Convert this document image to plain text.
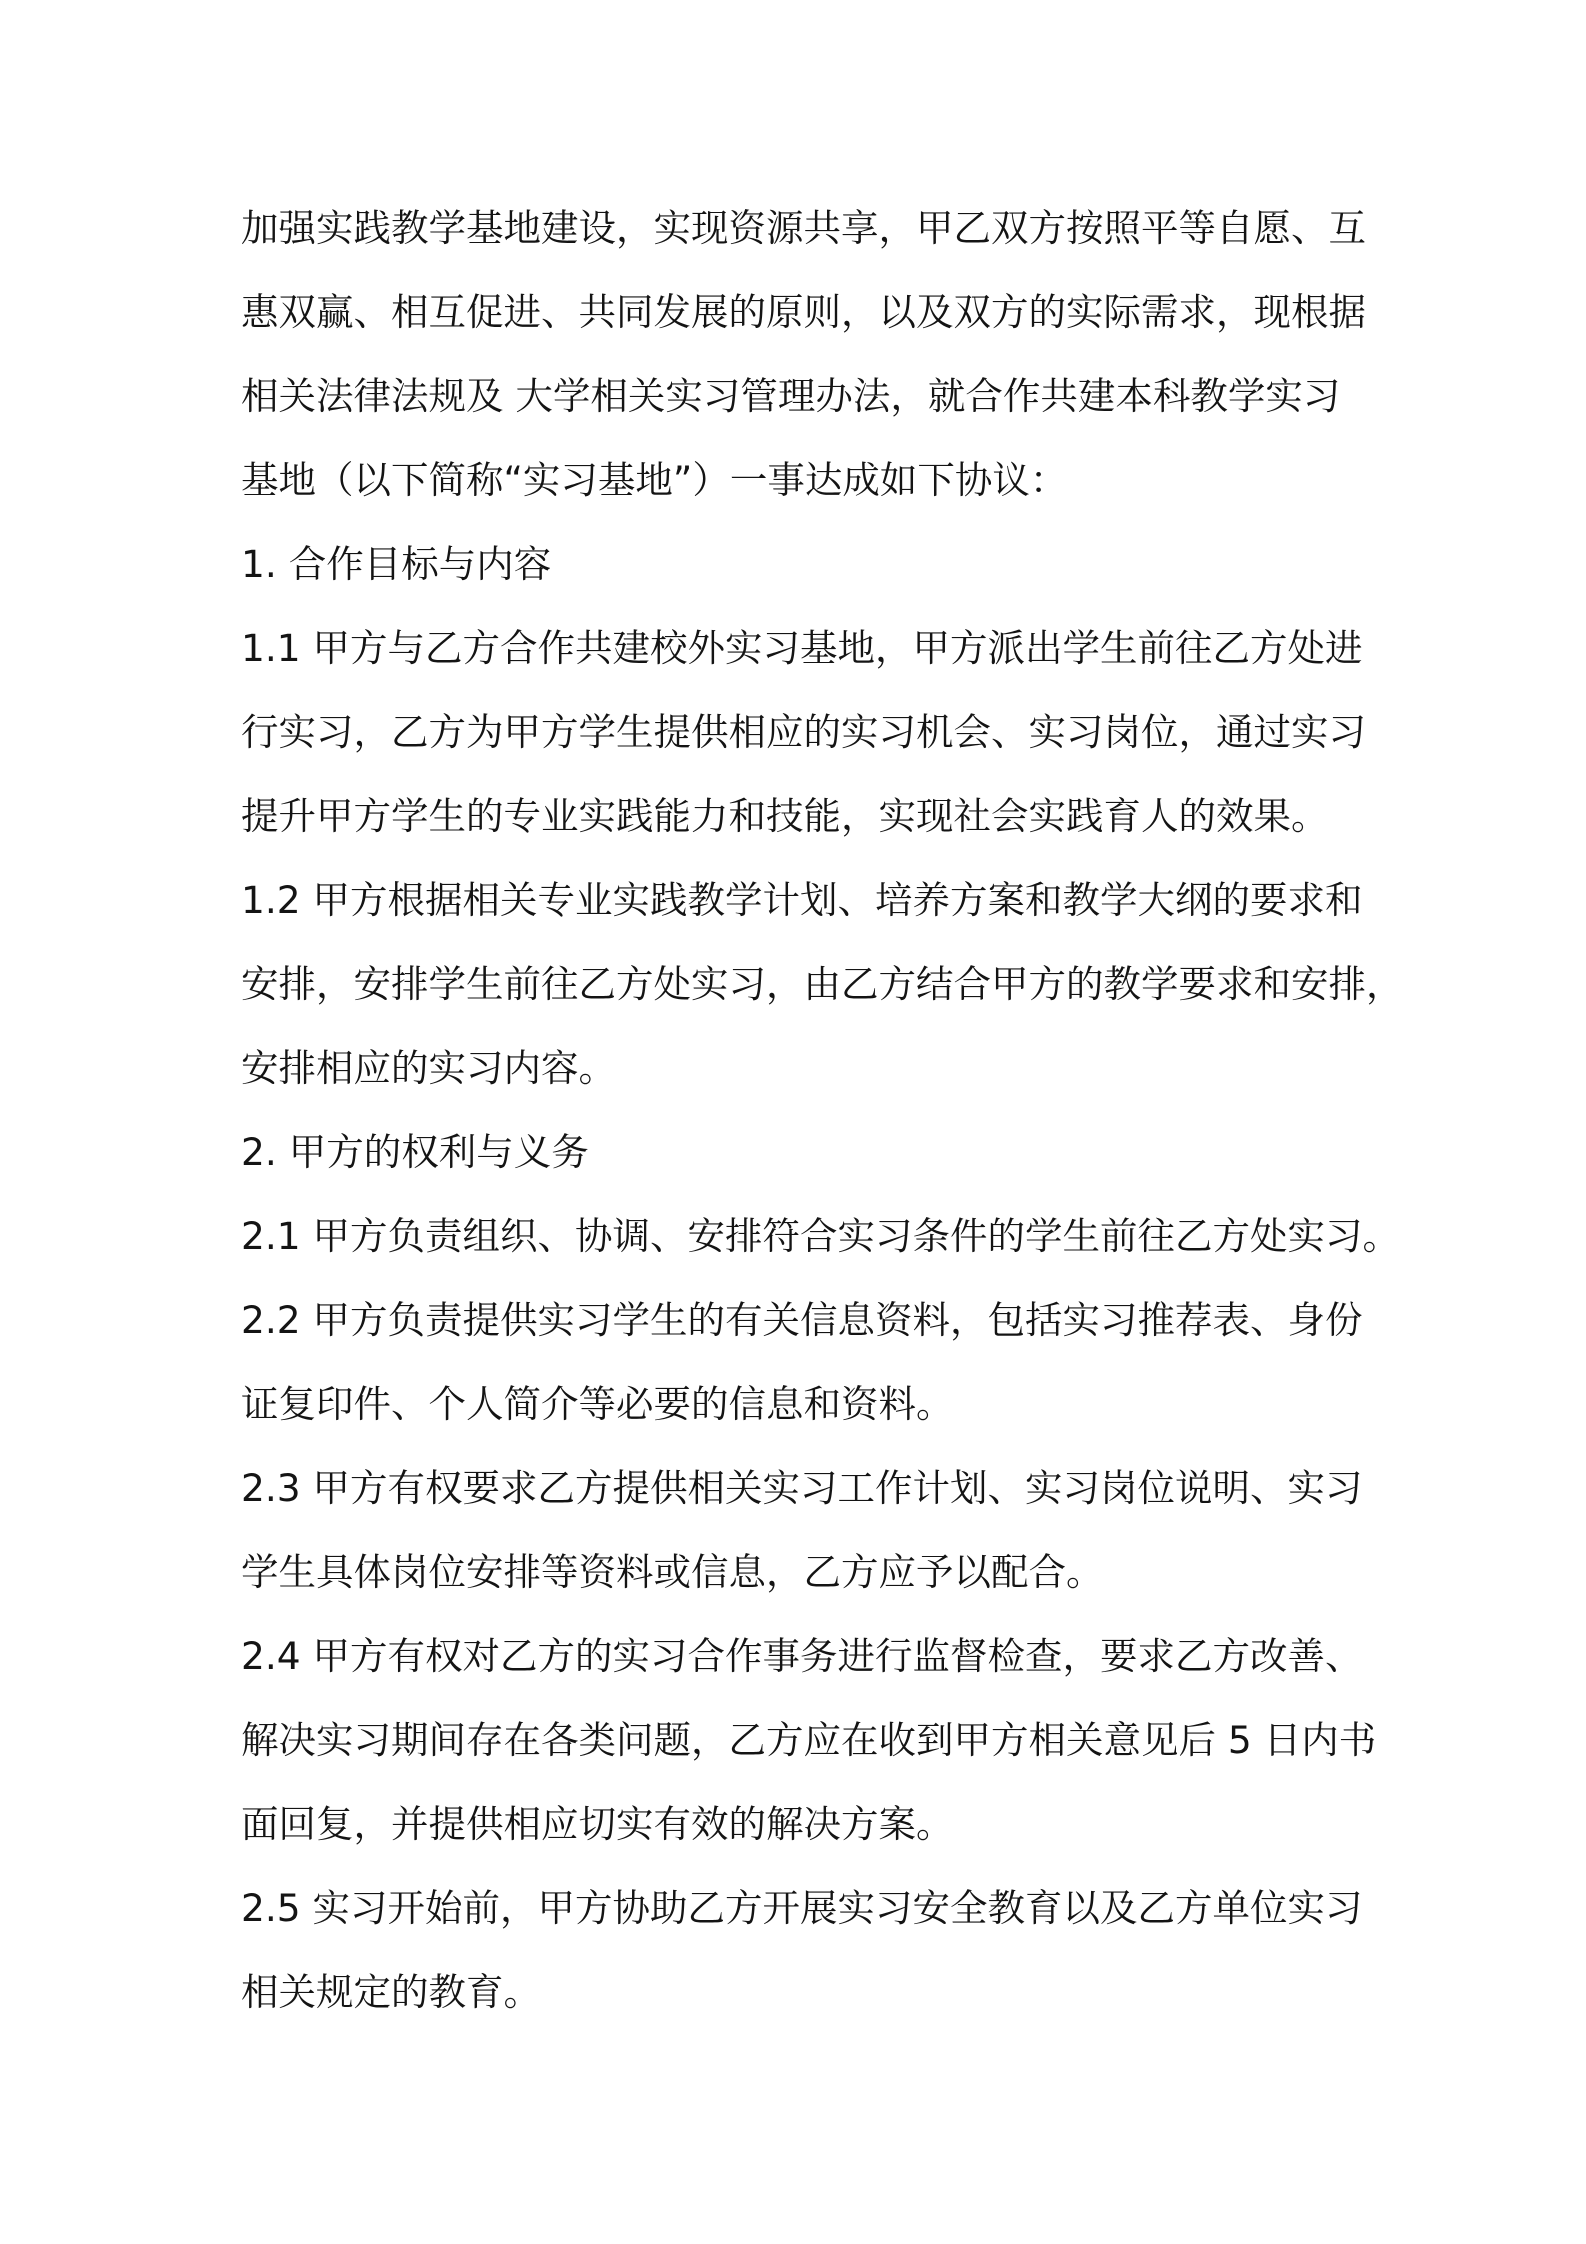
加强实践教学基地建设，实现资源共享，甲乙双方按照平等自愿、互
惠双赢、相互促进、共同发展的原则，以及双方的实际需求，现根据
相关法律法规及 大学相关实习管理办法，就合作共建本科教学实习
基地（以下简称“实习基地”）一事达成如下协议：
1. 合作目标与内容
1.1 甲方与乙方合作共建校外实习基地，甲方派出学生前往乙方处进
行实习，乙方为甲方学生提供相应的实习机会、实习岗位，通过实习
提升甲方学生的专业实践能力和技能，实现社会实践育人的效果。
1.2 甲方根据相关专业实践教学计划、培养方案和教学大纲的要求和
安排，安排学生前往乙方处实习，由乙方结合甲方的教学要求和安排，
安排相应的实习内容。
2. 甲方的权利与义务
2.1 甲方负责组织、协调、安排符合实习条件的学生前往乙方处实习。
2.2 甲方负责提供实习学生的有关信息资料，包括实习推荐表、身份
证复印件、个人简介等必要的信息和资料。
2.3 甲方有权要求乙方提供相关实习工作计划、实习岗位说明、实习
学生具体岗位安排等资料或信息，乙方应予以配合。
2.4 甲方有权对乙方的实习合作事务进行监督检查，要求乙方改善、
解决实习期间存在各类问题，乙方应在收到甲方相关意见后 5 日内书
面回复，并提供相应切实有效的解决方案。
2.5 实习开始前，甲方协助乙方开展实习安全教育以及乙方单位实习
相关规定的教育。
